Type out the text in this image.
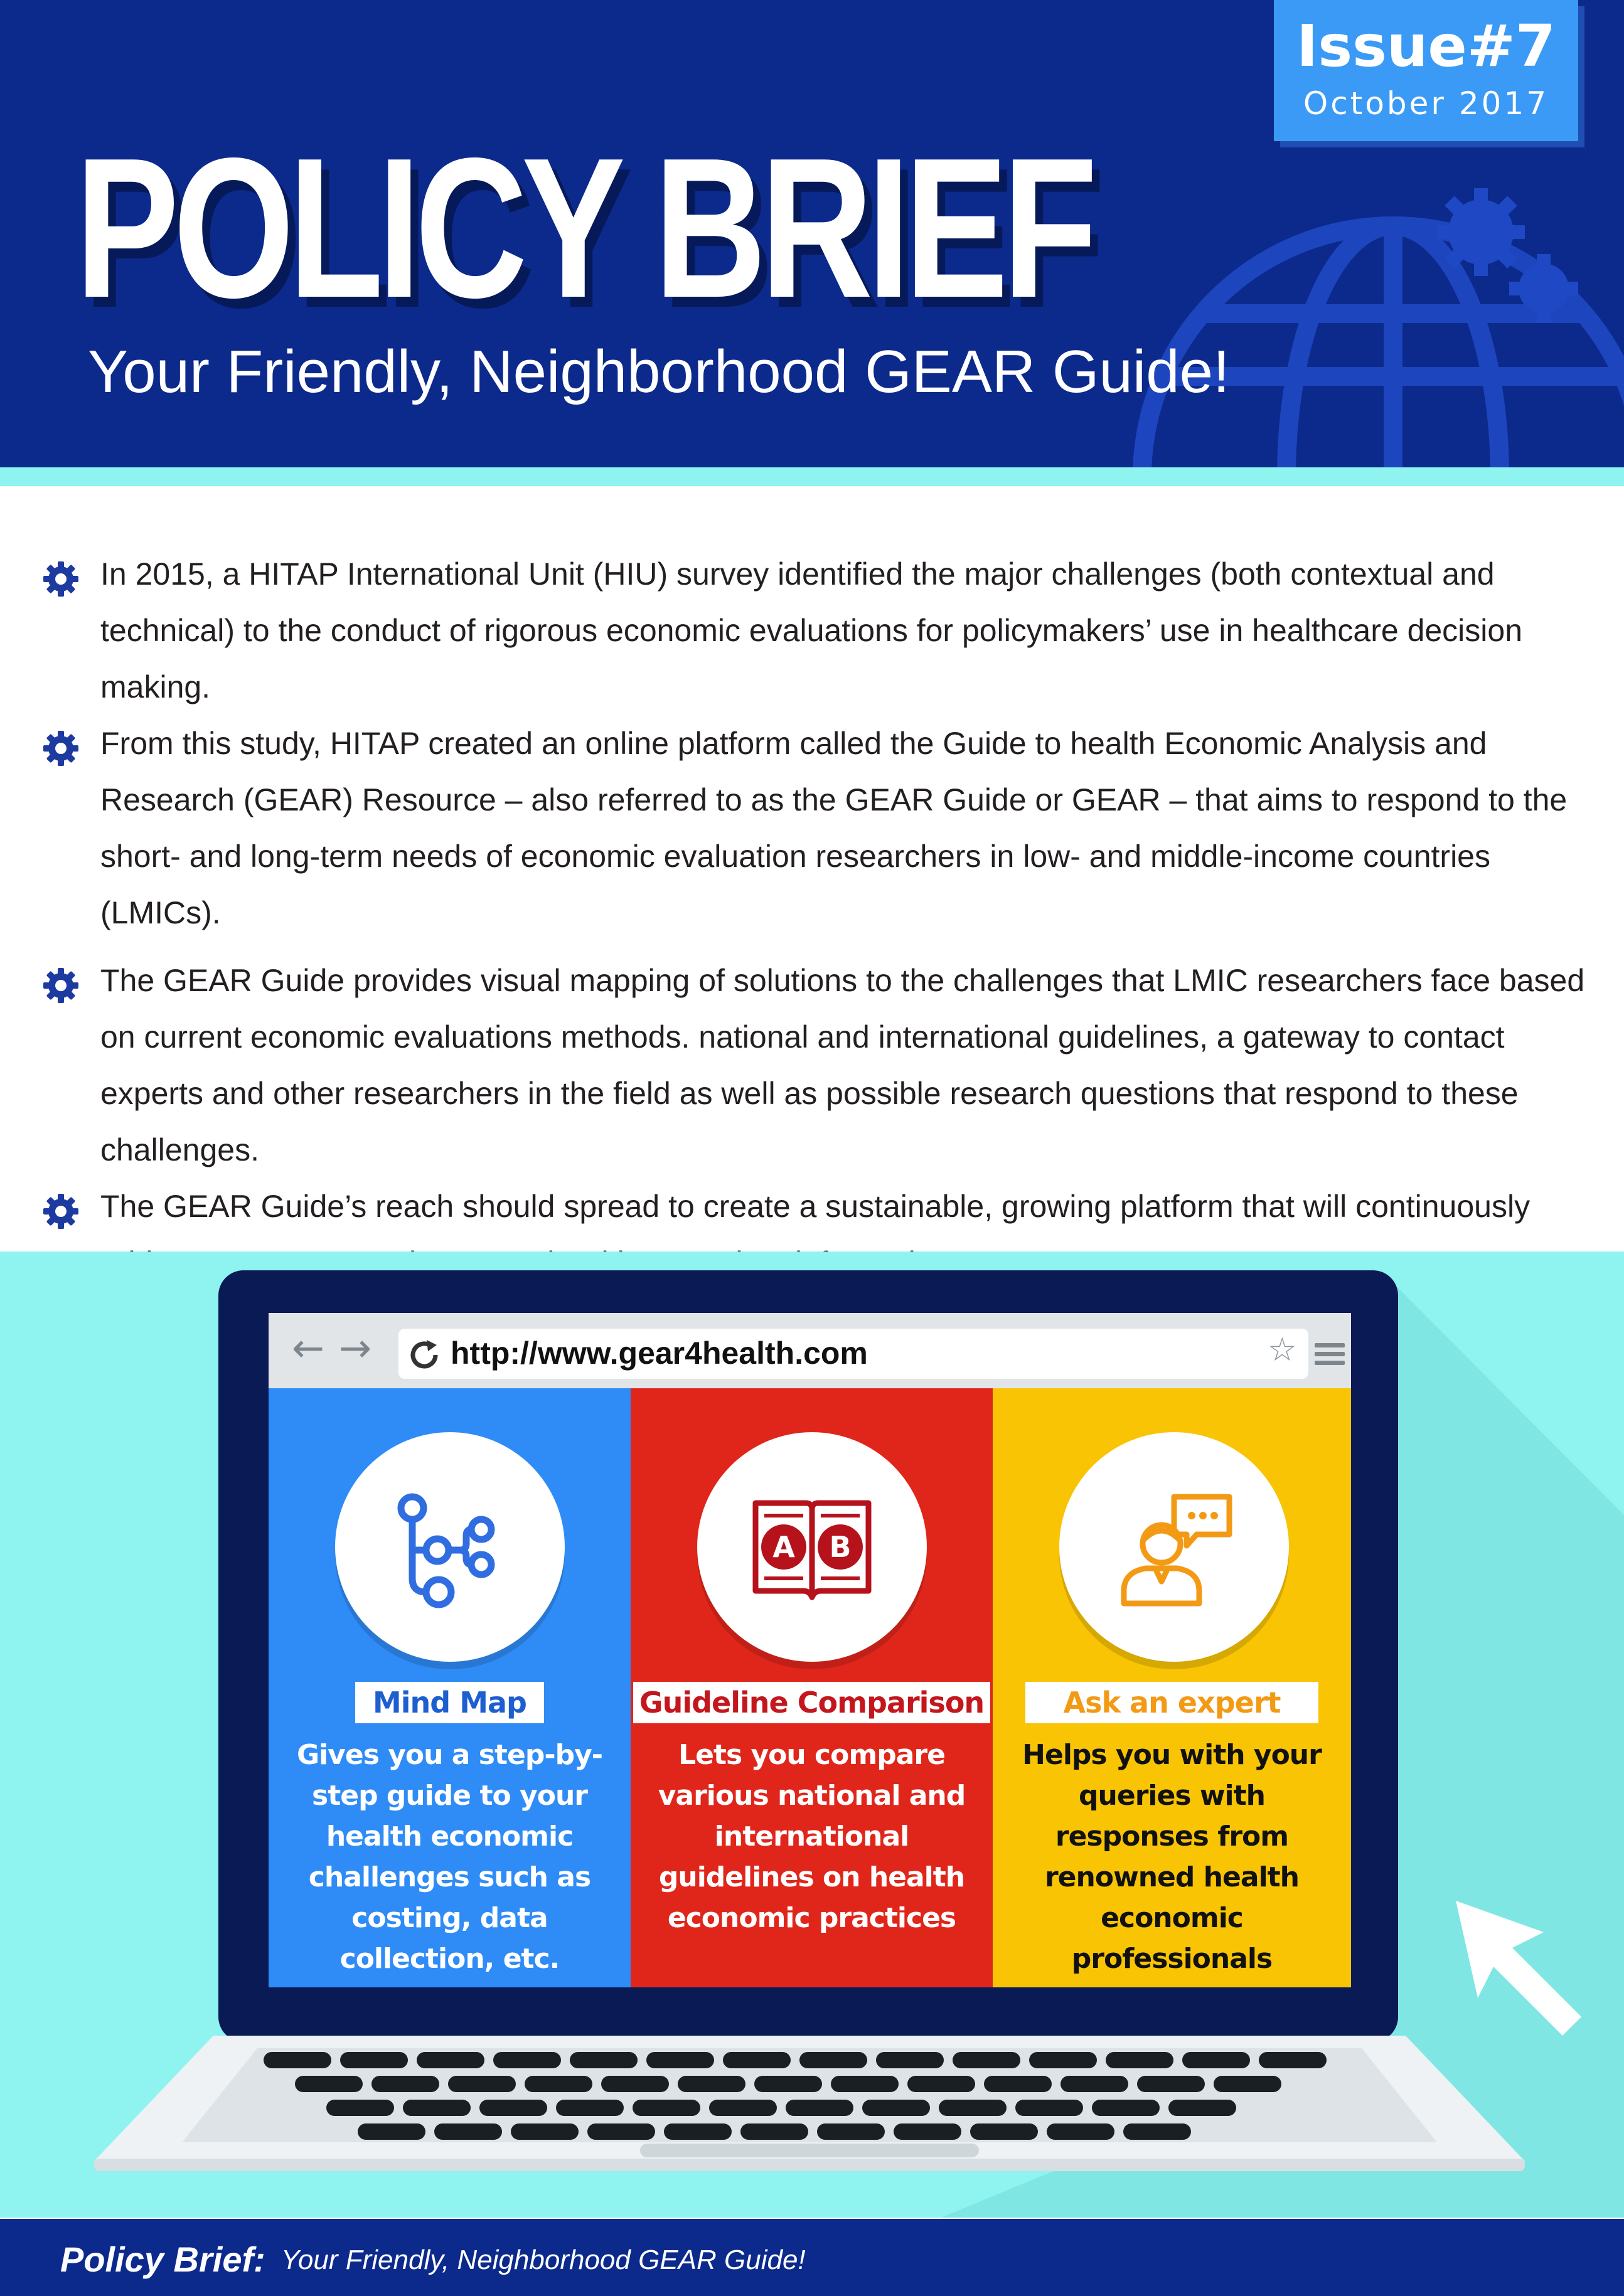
Issue#7
October 2017
POLICY BRIEF
Your Friendly, Neighborhood GEAR Guide!
In 2015, a HITAP International Unit (HIU) survey identified the major challenges (both contextual and technical) to the conduct of rigorous economic evaluations for policymakers’ use in healthcare decision making.
From this study, HITAP created an online platform called the Guide to health Economic Analysis and Research (GEAR) Resource – also referred to as the GEAR Guide or GEAR – that aims to respond to the short- and long-term needs of economic evaluation researchers in low- and middle-income countries (LMICs).
The GEAR Guide provides visual mapping of solutions to the challenges that LMIC researchers face based on current economic evaluations methods. national and international guidelines, a gateway to contact experts and other researchers in the field as well as possible research questions that respond to these challenges.
The GEAR Guide’s reach should spread to create a sustainable, growing platform that will continuously
← →	http://www.gear4health.com	☆
Mind Map
Gives you a step-by-step guide to your health economic challenges such as costing, data collection, etc.
A B
Guideline Comparison
Lets you compare various national and international guidelines on health economic practices
Ask an expert
Helps you with your queries with responses from renowned health economic professionals
Policy Brief: Your Friendly, Neighborhood GEAR Guide!
